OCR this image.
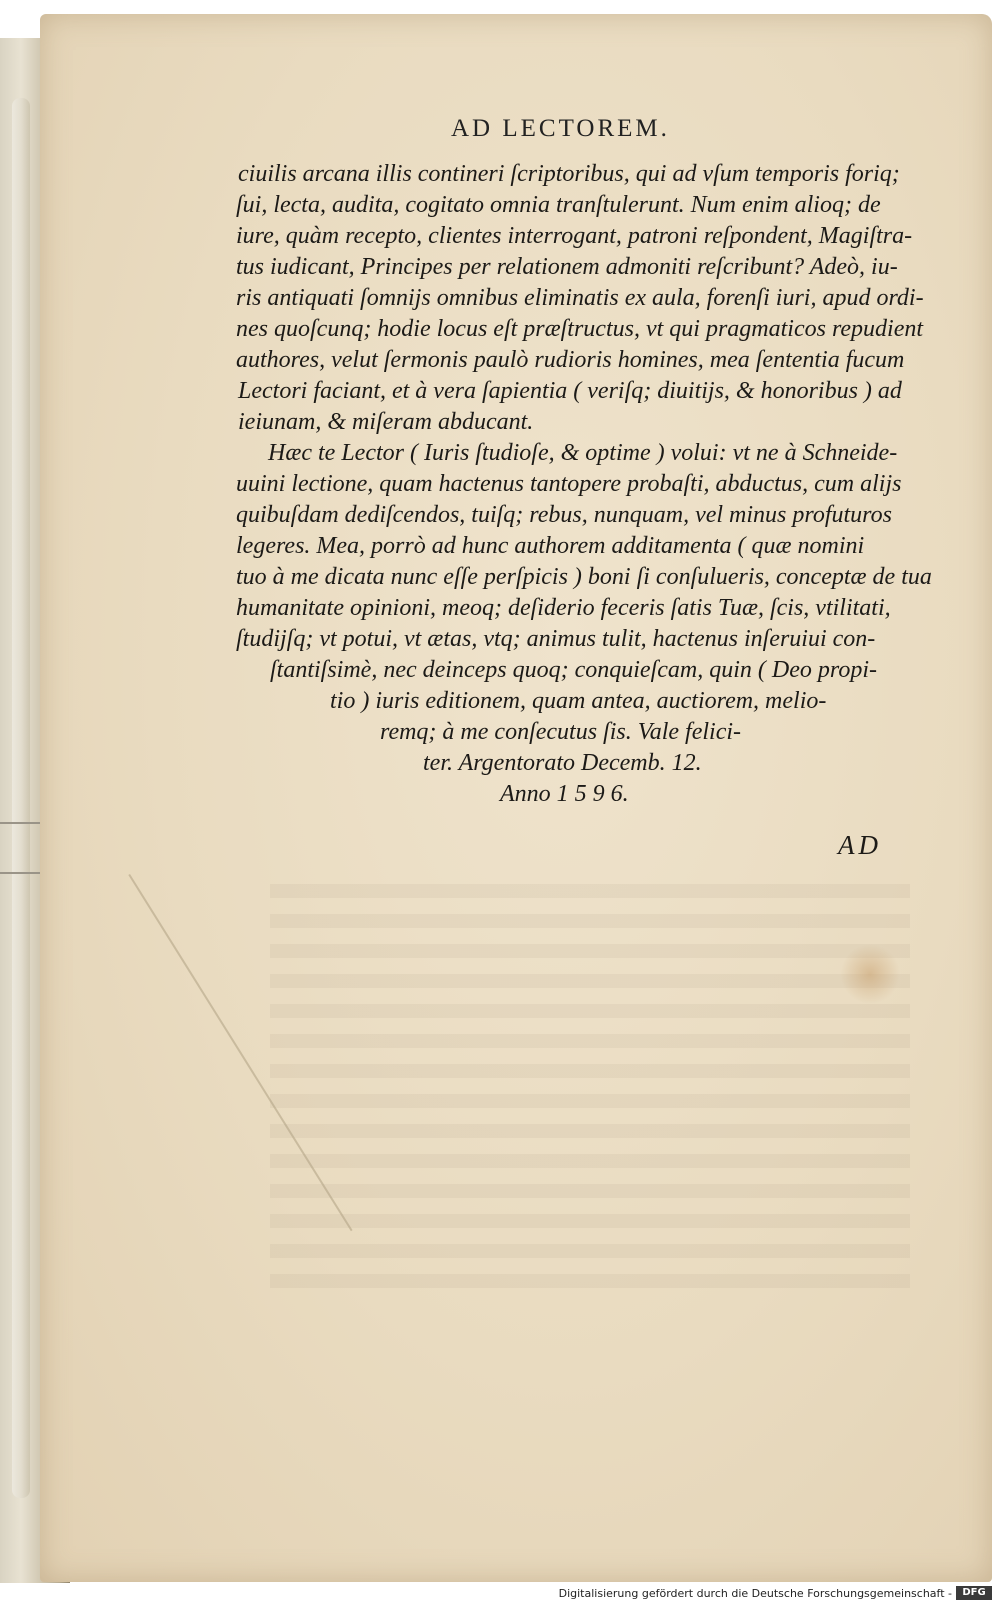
AD LECTOREM.
ciuilis arcana illis contineri ſcriptoribus, qui ad vſum temporis foriq;
ſui, lecta, audita, cogitato omnia tranſtulerunt. Num enim alioq; de
iure, quàm recepto, clientes interrogant, patroni reſpondent, Magiſtra-
tus iudicant, Principes per relationem admoniti reſcribunt? Adeò, iu-
ris antiquati ſomnijs omnibus eliminatis ex aula, forenſi iuri, apud ordi-
nes quoſcunq; hodie locus eſt præſtructus, vt qui pragmaticos repudient
authores, velut ſermonis paulò rudioris homines, mea ſententia fucum
Lectori faciant, et à vera ſapientia ( veriſq; diuitijs, & honoribus ) ad
ieiunam, & miſeram abducant.
Hæc te Lector ( Iuris ſtudioſe, & optime ) volui: vt ne à Schneide-
uuini lectione, quam hactenus tantopere probaſti, abductus, cum alijs
quibuſdam dediſcendos, tuiſq; rebus, nunquam, vel minus profuturos
legeres. Mea, porrò ad hunc authorem additamenta ( quæ nomini
tuo à me dicata nunc eſſe perſpicis ) boni ſi conſulueris, conceptæ de tua
humanitate opinioni, meoq; deſiderio feceris ſatis Tuæ, ſcis, vtilitati,
ſtudijſq; vt potui, vt ætas, vtq; animus tulit, hactenus inſeruiui con-
ſtantiſsimè, nec deinceps quoq; conquieſcam, quin ( Deo propi-
tio ) iuris editionem, quam antea, auctiorem, melio-
remq; à me conſecutus ſis. Vale felici-
ter. Argentorato Decemb. 12.
Anno 1 5 9 6.
AD
Digitalisierung gefördert durch die Deutsche Forschungsgemeinschaft -	DFG
